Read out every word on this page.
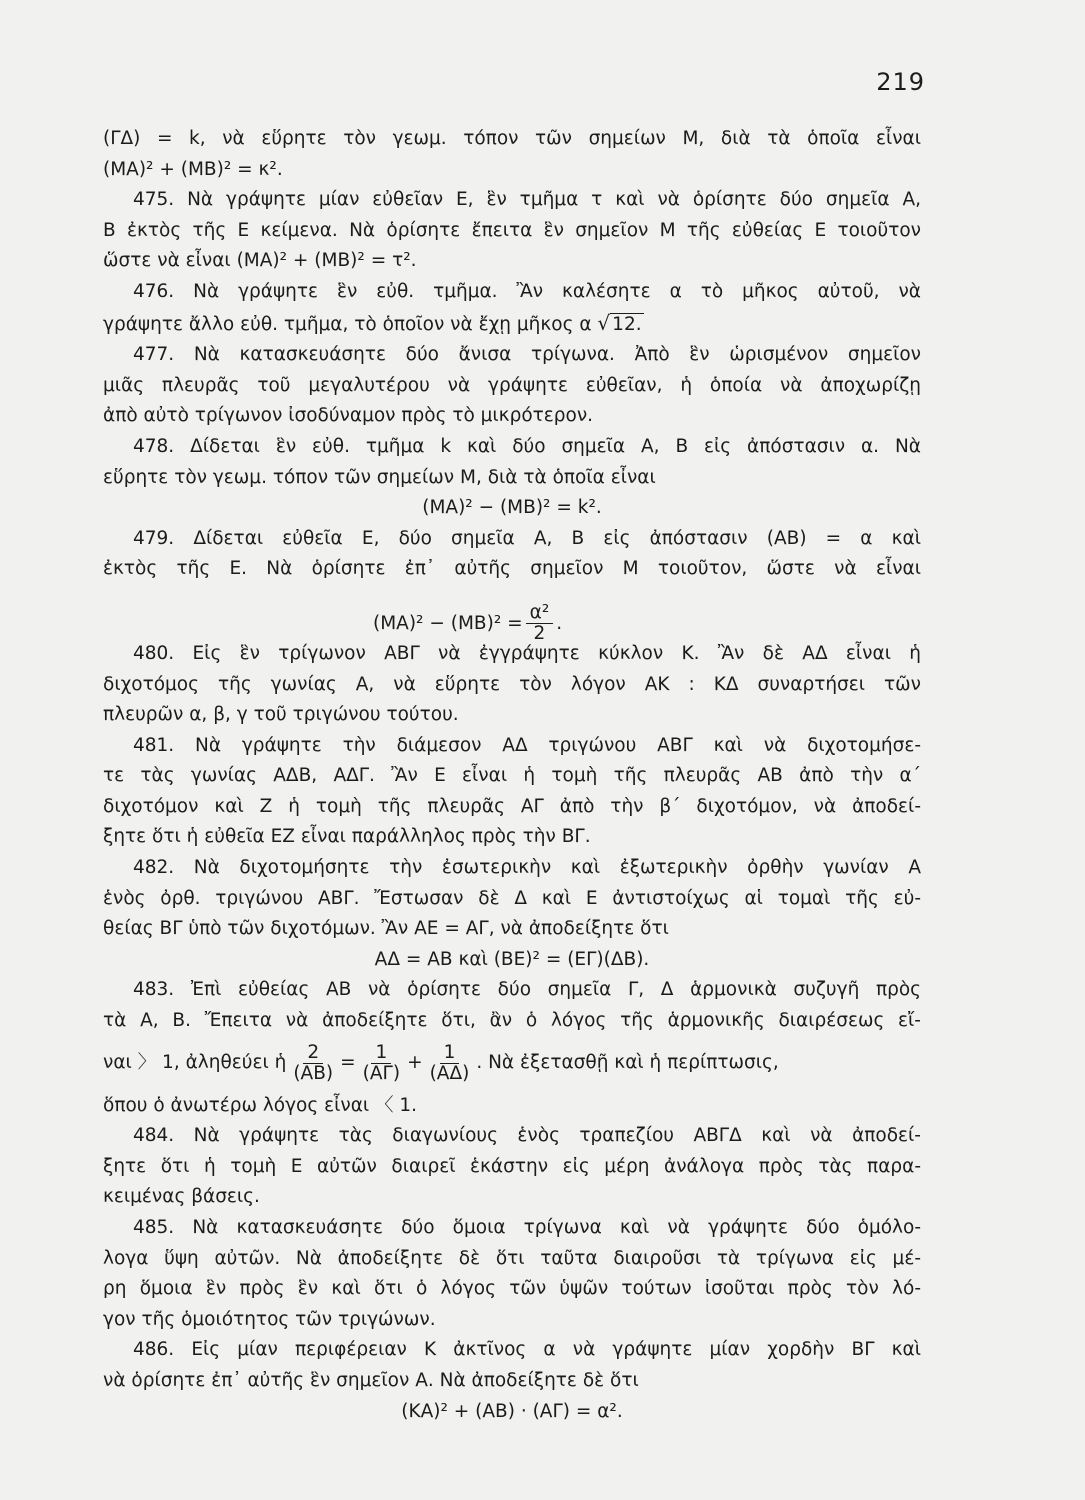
219
(ΓΔ) = k, νὰ εὕρητε τὸν γεωμ. τόπον τῶν σημείων Μ, διὰ τὰ ὁποῖα εἶναι
(ΜΑ)² + (ΜΒ)² = κ².
475. Νὰ γράψητε μίαν εὐθεῖαν Ε, ἓν τμῆμα τ καὶ νὰ ὁρίσητε δύο σημεῖα Α,
Β ἐκτὸς τῆς Ε κείμενα. Νὰ ὁρίσητε ἔπειτα ἓν σημεῖον Μ τῆς εὐθείας Ε τοιοῦτον
ὥστε νὰ εἶναι (ΜΑ)² + (ΜΒ)² = τ².
476. Νὰ γράψητε ἓν εὐθ. τμῆμα. Ἂν καλέσητε α τὸ μῆκος αὐτοῦ, νὰ
γράψητε ἄλλο εὐθ. τμῆμα, τὸ ὁποῖον νὰ ἔχῃ μῆκος α √ 12.
477. Νὰ κατασκευάσητε δύο ἄνισα τρίγωνα. Ἀπὸ ἓν ὡρισμένον σημεῖον
μιᾶς πλευρᾶς τοῦ μεγαλυτέρου νὰ γράψητε εὐθεῖαν, ἡ ὁποία νὰ ἀποχωρίζῃ
ἀπὸ αὐτὸ τρίγωνον ἰσοδύναμον πρὸς τὸ μικρότερον.
478. Δίδεται ἓν εὐθ. τμῆμα k καὶ δύο σημεῖα Α, Β εἰς ἀπόστασιν α. Νὰ
εὕρητε τὸν γεωμ. τόπον τῶν σημείων Μ, διὰ τὰ ὁποῖα εἶναι
(ΜΑ)² − (ΜΒ)² = k².
479. Δίδεται εὐθεῖα Ε, δύο σημεῖα Α, Β εἰς ἀπόστασιν (ΑΒ) = α καὶ
ἐκτὸς τῆς Ε. Νὰ ὁρίσητε ἐπ᾽ αὐτῆς σημεῖον Μ τοιοῦτον, ὥστε νὰ εἶναι
$(MA)^2 - (MB)^2 = \frac{\text{α²}}{2}$ .
480. Εἰς ἓν τρίγωνον ΑΒΓ νὰ ἐγγράψητε κύκλον Κ. Ἂν δὲ ΑΔ εἶναι ἡ
διχοτόμος τῆς γωνίας Α, νὰ εὕρητε τὸν λόγον ΑΚ : ΚΔ συναρτήσει τῶν
πλευρῶν α, β, γ τοῦ τριγώνου τούτου.
481. Νὰ γράψητε τὴν διάμεσον ΑΔ τριγώνου ΑΒΓ καὶ νὰ διχοτομήσε-
τε τὰς γωνίας ΑΔΒ, ΑΔΓ. Ἂν Ε εἶναι ἡ τομὴ τῆς πλευρᾶς ΑΒ ἀπὸ τὴν α´
διχοτόμον καὶ Ζ ἡ τομὴ τῆς πλευρᾶς ΑΓ ἀπὸ τὴν β´ διχοτόμον, νὰ ἀποδεί-
ξητε ὅτι ἡ εὐθεῖα ΕΖ εἶναι παράλληλος πρὸς τὴν ΒΓ.
482. Νὰ διχοτομήσητε τὴν ἐσωτερικὴν καὶ ἐξωτερικὴν ὀρθὴν γωνίαν Α
ἑνὸς ὀρθ. τριγώνου ΑΒΓ. Ἔστωσαν δὲ Δ καὶ Ε ἀντιστοίχως αἱ τομαὶ τῆς εὐ-
θείας ΒΓ ὑπὸ τῶν διχοτόμων. Ἂν ΑΕ = ΑΓ, νὰ ἀποδείξητε ὅτι
ΑΔ = ΑΒ καὶ (ΒΕ)² = (ΕΓ)(ΔΒ).
483. Ἐπὶ εὐθείας ΑΒ νὰ ὁρίσητε δύο σημεῖα Γ, Δ ἁρμονικὰ συζυγῆ πρὸς
τὰ Α, Β. Ἔπειτα νὰ ἀποδείξητε ὅτι, ἂν ὁ λόγος τῆς ἁρμονικῆς διαιρέσεως εἴ-
ναι 〉 1, ἀληθεύει ἡ $\frac{2}{(AB)} = \frac{1}{(A\Gamma)} + \frac{1}{(A\Delta)}$ . Νὰ ἐξετασθῇ καὶ ἡ περίπτωσις,
ὅπου ὁ ἀνωτέρω λόγος εἶναι 〈 1.
484. Νὰ γράψητε τὰς διαγωνίους ἑνὸς τραπεζίου ΑΒΓΔ καὶ νὰ ἀποδεί-
ξητε ὅτι ἡ τομὴ Ε αὐτῶν διαιρεῖ ἑκάστην εἰς μέρη ἀνάλογα πρὸς τὰς παρα-
κειμένας βάσεις.
485. Νὰ κατασκευάσητε δύο ὅμοια τρίγωνα καὶ νὰ γράψητε δύο ὁμόλο-
λογα ὕψη αὐτῶν. Νὰ ἀποδείξητε δὲ ὅτι ταῦτα διαιροῦσι τὰ τρίγωνα εἰς μέ-
ρη ὅμοια ἓν πρὸς ἓν καὶ ὅτι ὁ λόγος τῶν ὑψῶν τούτων ἰσοῦται πρὸς τὸν λό-
γον τῆς ὁμοιότητος τῶν τριγώνων.
486. Εἰς μίαν περιφέρειαν Κ ἀκτῖνος α νὰ γράψητε μίαν χορδὴν ΒΓ καὶ
νὰ ὁρίσητε ἐπ᾽ αὐτῆς ἓν σημεῖον Α. Νὰ ἀποδείξητε δὲ ὅτι
(ΚΑ)² + (ΑΒ) · (ΑΓ) = α².
